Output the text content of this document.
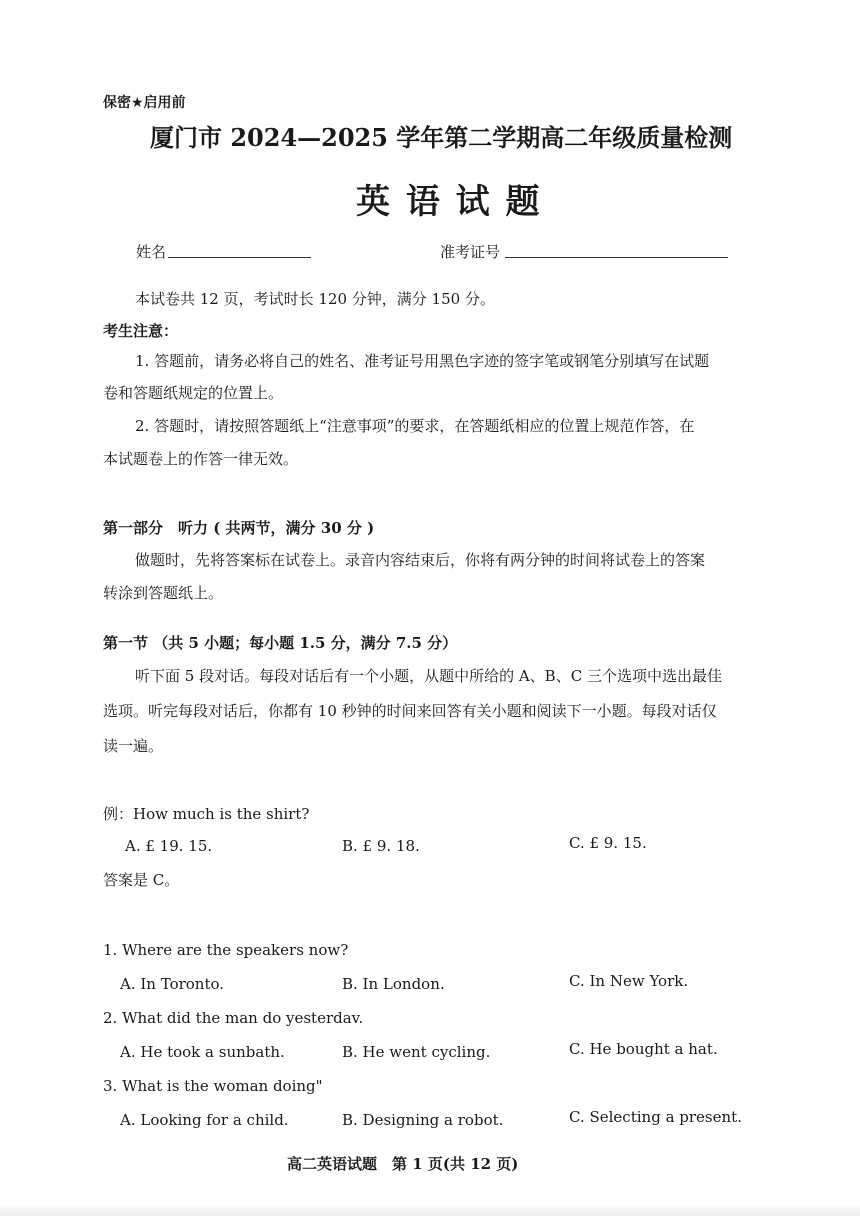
保密★启用前
厦门市 2024—2025 学年第二学期高二年级质量检测
英 语 试 题
姓名	准考证号
本试卷共 12 页，考试时长 120 分钟，满分 150 分。
考生注意：
1. 答题前，请务必将自己的姓名、准考证号用黑色字迹的签字笔或钢笔分别填写在试题
卷和答题纸规定的位置上。
2. 答题时，请按照答题纸上“注意事项”的要求，在答题纸相应的位置上规范作答，在
本试题卷上的作答一律无效。
第一部分　听力 ( 共两节，满分 30 分 )
做题时，先将答案标在试卷上。录音内容结束后，你将有两分钟的时间将试卷上的答案
转涂到答题纸上。
第一节 （共 5 小题；每小题 1.5 分，满分 7.5 分）
听下面 5 段对话。每段对话后有一个小题，从题中所给的 A、B、C 三个选项中选出最佳
选项。听完每段对话后，你都有 10 秒钟的时间来回答有关小题和阅读下一小题。每段对话仅
读一遍。
例：How much is the shirt?
A. £ 19. 15.	B. £ 9. 18.	C. £ 9. 15.
答案是 C。
1. Where are the speakers now?
A. In Toronto.	B. In London.	C. In New York.
2. What did the man do yesterdav.
A. He took a sunbath.	B. He went cycling.	C. He bought a hat.
3. What is the woman doing"
A. Looking for a child.	B. Designing a robot.	C. Selecting a present.
高二英语试题　第 1 页(共 12 页)
